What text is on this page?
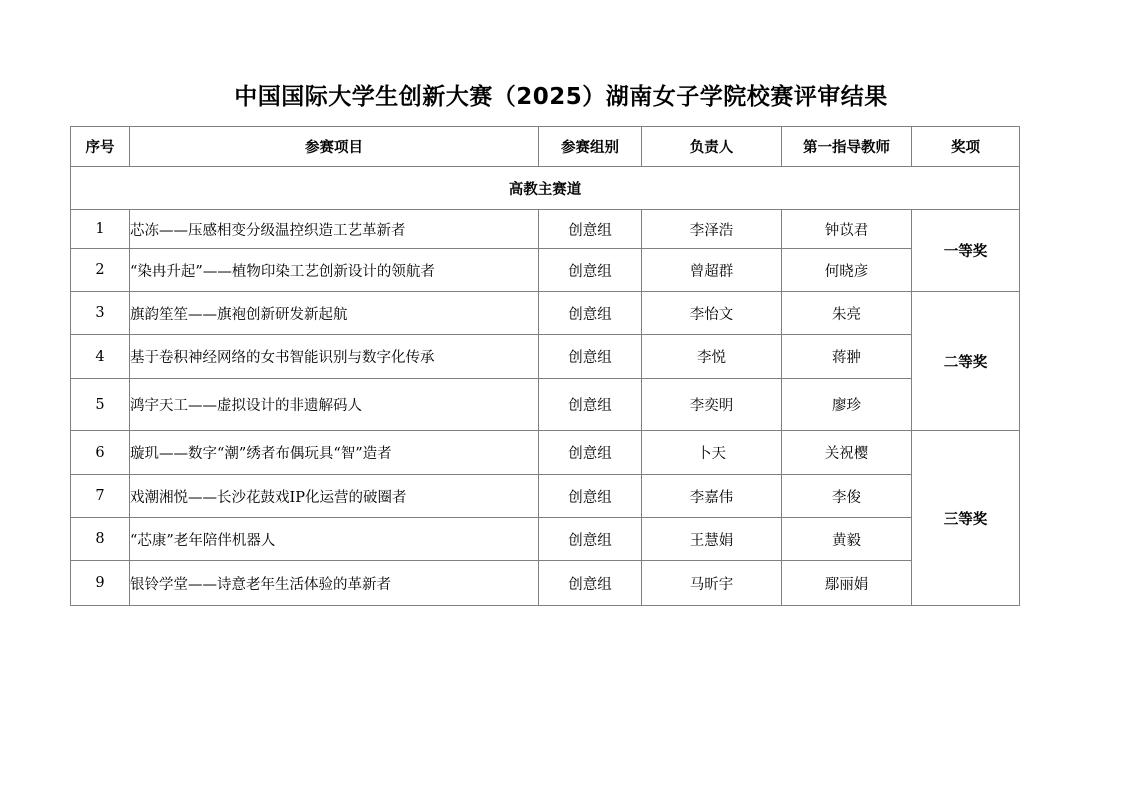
中国国际大学生创新大赛（2025）湖南女子学院校赛评审结果
序号	参赛项目	参赛组别	负责人	第一指导教师	奖项
高教主赛道					
1	芯冻——压感相变分级温控织造工艺革新者	创意组	李泽浩	钟苡君	一等奖
2	“染冉升起”——植物印染工艺创新设计的领航者	创意组	曾超群	何晓彦	
3	旗韵笙笙——旗袍创新研发新起航	创意组	李怡文	朱亮	二等奖
4	基于卷积神经网络的女书智能识别与数字化传承	创意组	李悦	蒋翀	
5	鸿宇天工——虚拟设计的非遗解码人	创意组	李奕明	廖珍	
6	璇玑——数字“潮”绣者布偶玩具“智”造者	创意组	卜天	关祝樱	三等奖
7	戏潮湘悦——长沙花鼓戏IP化运营的破圈者	创意组	李嘉伟	李俊	
8	“芯康”老年陪伴机器人	创意组	王慧娟	黄毅	
9	银铃学堂——诗意老年生活体验的革新者	创意组	马昕宇	鄢丽娟	
